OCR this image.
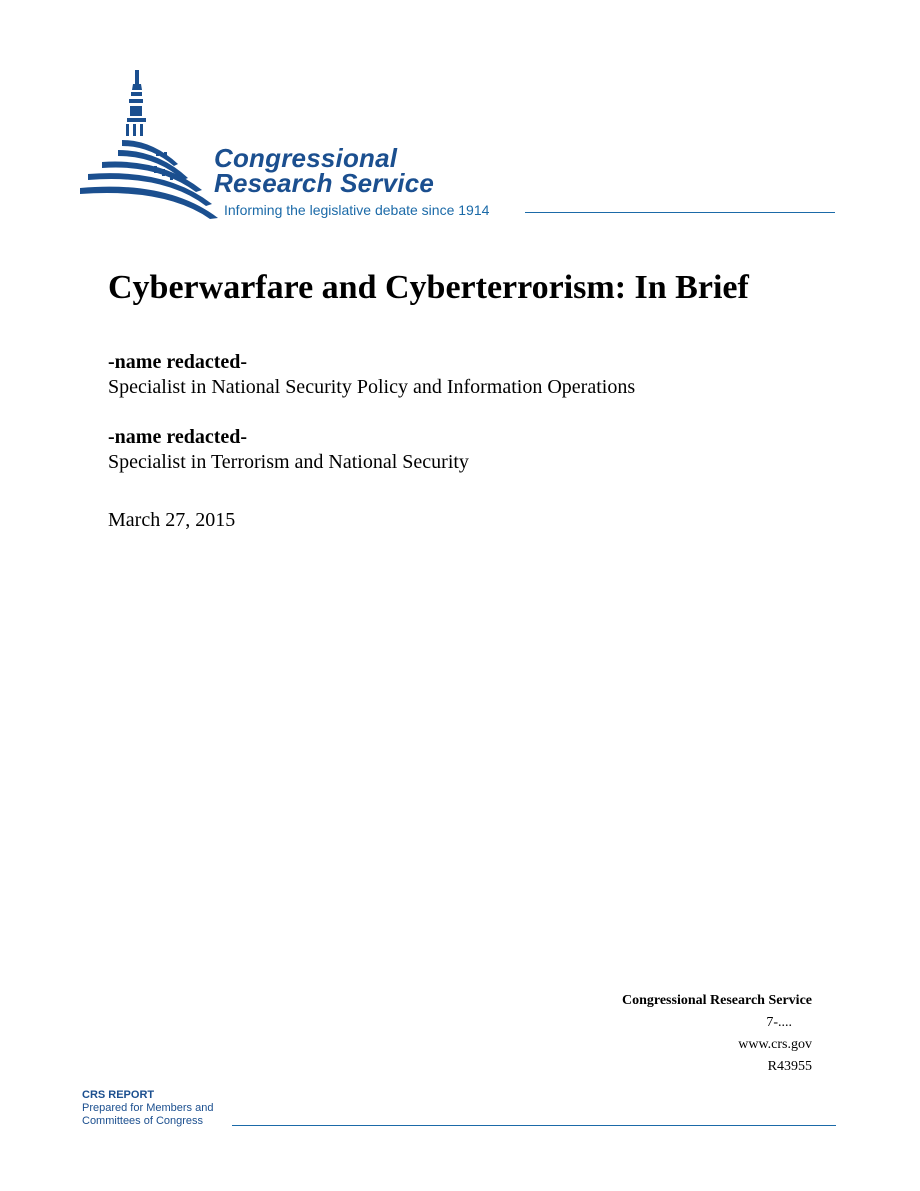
Congressional
Research Service
Informing the legislative debate since 1914
Cyberwarfare and Cyberterrorism: In Brief
-name redacted-
Specialist in National Security Policy and Information Operations
-name redacted-
Specialist in Terrorism and National Security
March 27, 2015
Congressional Research Service
7-....
www.crs.gov
R43955
CRS REPORT
Prepared for Members and
Committees of Congress
